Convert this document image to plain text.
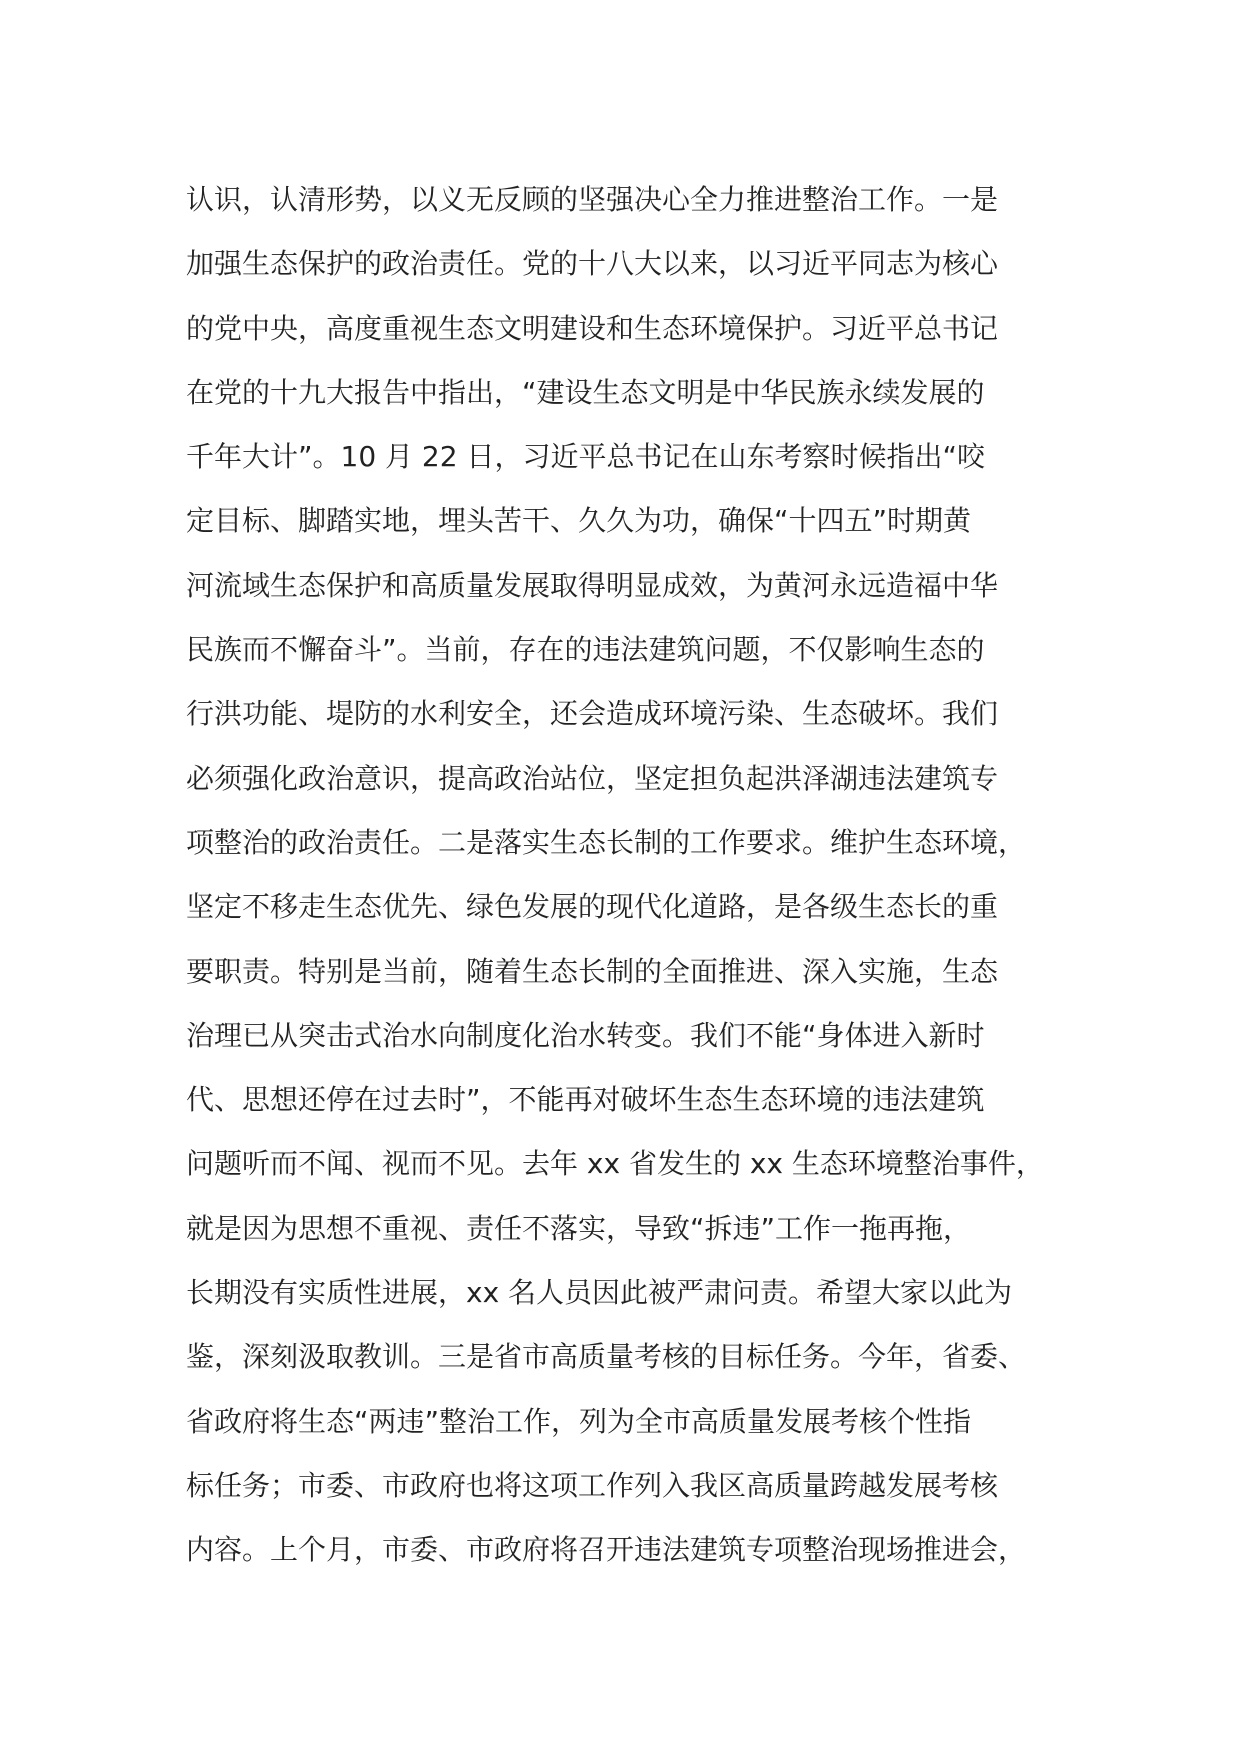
认识，认清形势，以义无反顾的坚强决心全力推进整治工作。一是
加强生态保护的政治责任。党的十八大以来，以习近平同志为核心
的党中央，高度重视生态文明建设和生态环境保护。习近平总书记
在党的十九大报告中指出，“建设生态文明是中华民族永续发展的
千年大计”。10 月 22 日，习近平总书记在山东考察时候指出“咬
定目标、脚踏实地，埋头苦干、久久为功，确保“十四五”时期黄
河流域生态保护和高质量发展取得明显成效，为黄河永远造福中华
民族而不懈奋斗”。当前，存在的违法建筑问题，不仅影响生态的
行洪功能、堤防的水利安全，还会造成环境污染、生态破坏。我们
必须强化政治意识，提高政治站位，坚定担负起洪泽湖违法建筑专
项整治的政治责任。二是落实生态长制的工作要求。维护生态环境，
坚定不移走生态优先、绿色发展的现代化道路，是各级生态长的重
要职责。特别是当前，随着生态长制的全面推进、深入实施，生态
治理已从突击式治水向制度化治水转变。我们不能“身体进入新时
代、思想还停在过去时”，不能再对破坏生态生态环境的违法建筑
问题听而不闻、视而不见。去年 xx 省发生的 xx 生态环境整治事件，
就是因为思想不重视、责任不落实，导致“拆违”工作一拖再拖，
长期没有实质性进展，xx 名人员因此被严肃问责。希望大家以此为
鉴，深刻汲取教训。三是省市高质量考核的目标任务。今年，省委、
省政府将生态“两违”整治工作，列为全市高质量发展考核个性指
标任务；市委、市政府也将这项工作列入我区高质量跨越发展考核
内容。上个月，市委、市政府将召开违法建筑专项整治现场推进会，
